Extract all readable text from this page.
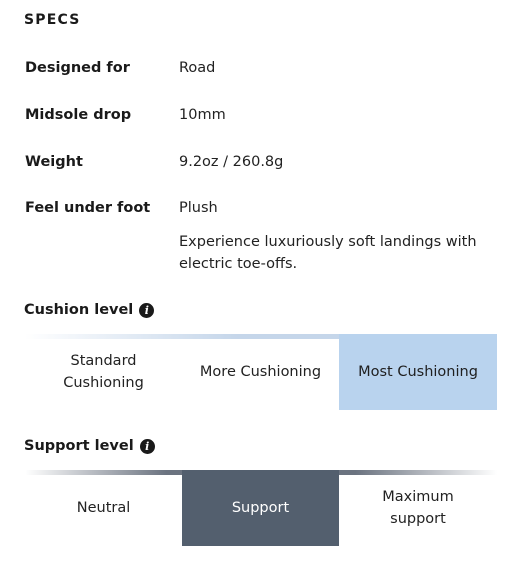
SPECS
Designed for	Road
Midsole drop	10mm
Weight	9.2oz / 260.8g
Feel under foot Plush
Experience luxuriously soft landings with electric toe-offs.
Cushion level	i
Standard Cushioning
More Cushioning	Most Cushioning
Support level	i
Neutral	Support
Maximum support
